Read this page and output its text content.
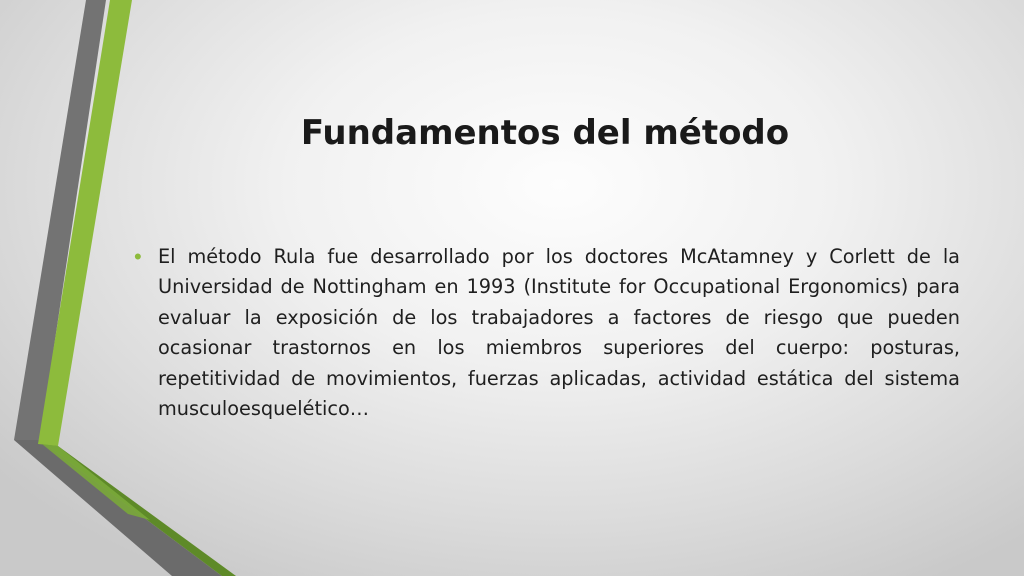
Fundamentos del método
• El método Rula fue desarrollado por los doctores McAtamney y Corlett de la Universidad de Nottingham en 1993 (Institute for Occupational Ergonomics) para evaluar la exposición de los trabajadores a factores de riesgo que pueden ocasionar trastornos en los miembros superiores del cuerpo: posturas, repetitividad de movimientos, fuerzas aplicadas, actividad estática del sistema musculoesquelético…
